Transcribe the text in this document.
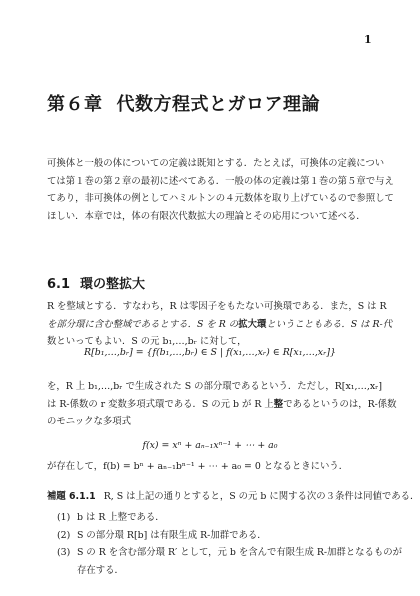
1
第６章 代数方程式とガロア理論
可換体と一般の体についての定義は既知とする．たとえば，可換体の定義につい
ては第１巻の第２章の最初に述べてある．一般の体の定義は第１巻の第５章で与え
てあり，非可換体の例としてハミルトンの４元数体を取り上げているので参照して
ほしい．本章では，体の有限次代数拡大の理論とその応用について述べる．
6.1 環の整拡大
R を整域とする．すなわち，R は零因子をもたない可換環である．また，S は R
を部分環に含む整域であるとする．S を R の拡大環ということもある．S は R-代
数といってもよい．S の元 b₁,…,bᵣ に対して，
R[b₁,…,bᵣ] = {f(b₁,…,bᵣ) ∈ S | f(x₁,…,xᵣ) ∈ R[x₁,…,xᵣ]}
を，R 上 b₁,…,bᵣ で生成された S の部分環であるという．ただし，R[x₁,…,xᵣ]
は R-係数の r 変数多項式環である．S の元 b が R 上整であるというのは，R-係数
のモニックな多項式
f(x) = xⁿ + aₙ₋₁xⁿ⁻¹ + ⋯ + a₀
が存在して，f(b) = bⁿ + aₙ₋₁bⁿ⁻¹ + ⋯ + a₀ = 0 となるときにいう．
補題 6.1.1 R, S は上記の通りとすると，S の元 b に関する次の３条件は同値である．
(1) b は R 上整である．
(2) S の部分環 R[b] は有限生成 R-加群である．
(3) S の R を含む部分環 R′ として，元 b を含んで有限生成 R-加群となるものが
存在する．
